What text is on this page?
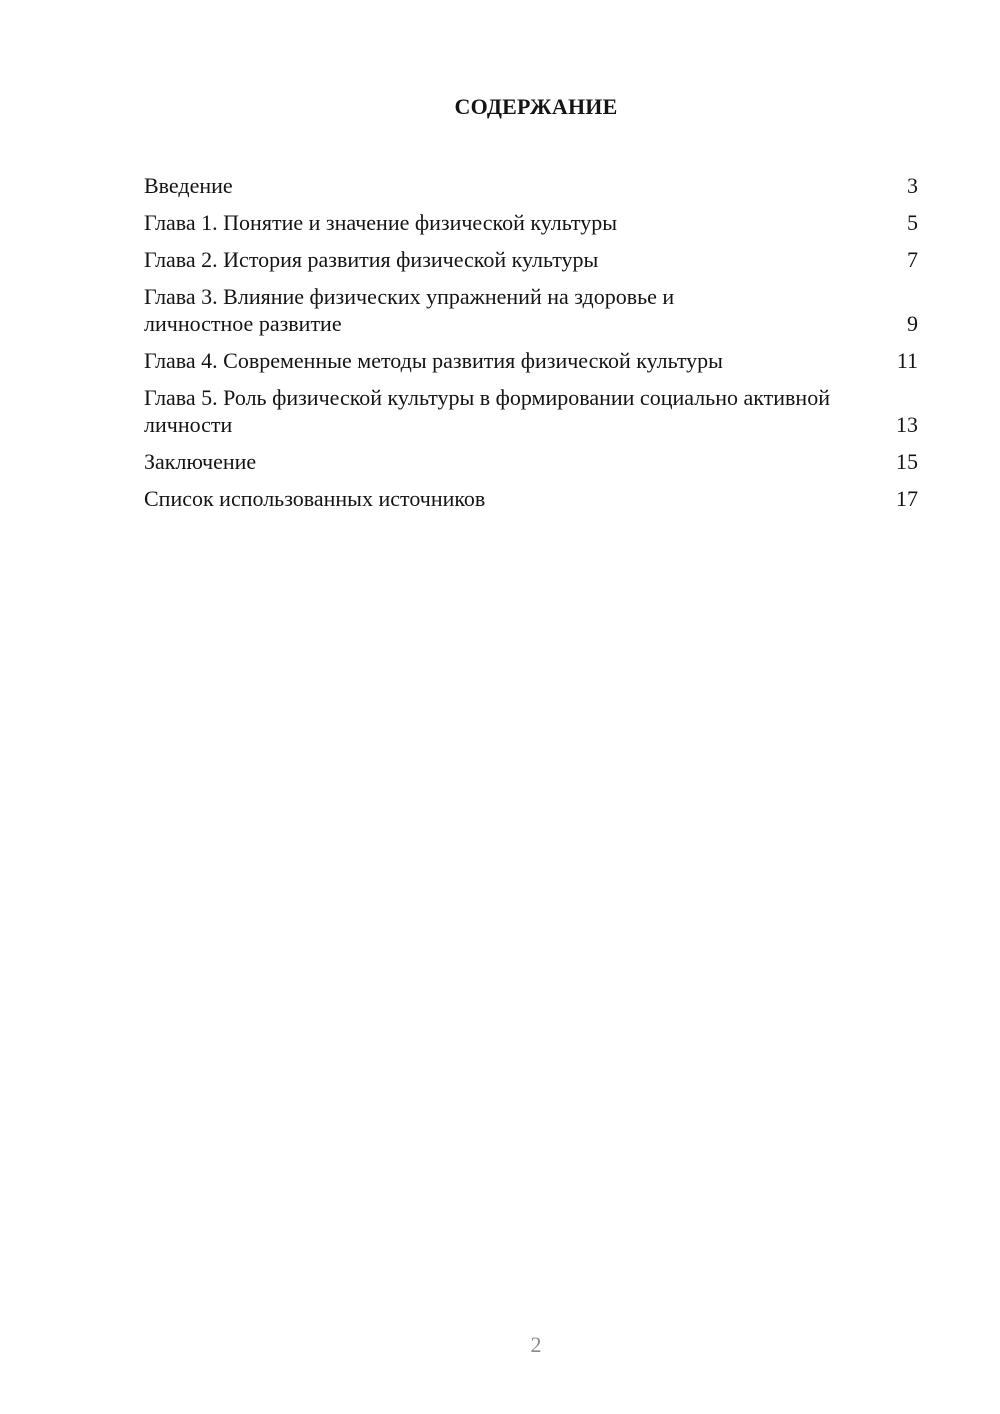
СОДЕРЖАНИЕ
Введение	3
Глава 1. Понятие и значение физической культуры	5
Глава 2. История развития физической культуры	7
Глава 3. Влияние физических упражнений на здоровье и личностное развитие	9
Глава 4. Современные методы развития физической культуры	11
Глава 5. Роль физической культуры в формировании социально активной личности	13
Заключение	15
Список использованных источников	17
2
